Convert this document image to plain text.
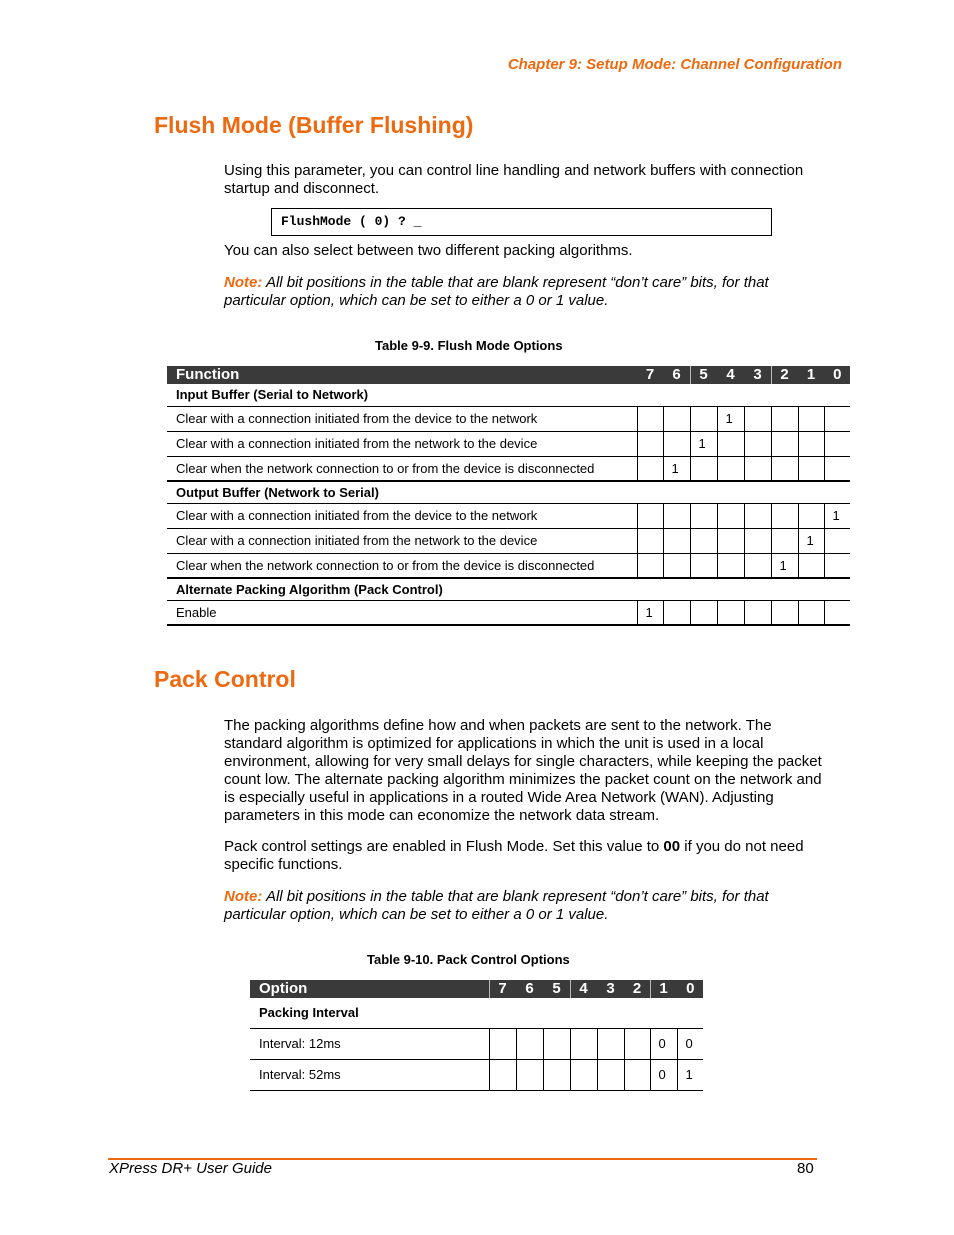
Chapter 9: Setup Mode: Channel Configuration
Flush Mode (Buffer Flushing)
Using this parameter, you can control line handling and network buffers with connection startup and disconnect.
FlushMode ( 0) ? _
You can also select between two different packing algorithms.
Note: All bit positions in the table that are blank represent “don’t care” bits, for that particular option, which can be set to either a 0 or 1 value.
Table 9-9. Flush Mode Options
Function	7	6	5	4	3	2	1	0
Input Buffer (Serial to Network)								
Clear with a connection initiated from the device to the network				1				
Clear with a connection initiated from the network to the device			1					
Clear when the network connection to or from the device is disconnected		1						
Output Buffer (Network to Serial)								
Clear with a connection initiated from the device to the network								1
Clear with a connection initiated from the network to the device							1	
Clear when the network connection to or from the device is disconnected						1		
Alternate Packing Algorithm (Pack Control)								
Enable	1							
Pack Control
The packing algorithms define how and when packets are sent to the network. The standard algorithm is optimized for applications in which the unit is used in a local environment, allowing for very small delays for single characters, while keeping the packet count low. The alternate packing algorithm minimizes the packet count on the network and is especially useful in applications in a routed Wide Area Network (WAN). Adjusting parameters in this mode can economize the network data stream.
Pack control settings are enabled in Flush Mode. Set this value to 00 if you do not need specific functions.
Note: All bit positions in the table that are blank represent “don’t care” bits, for that particular option, which can be set to either a 0 or 1 value.
Table 9-10. Pack Control Options
Option	7	6	5	4	3	2	1	0
Packing Interval								
Interval: 12ms							0	0
Interval: 52ms							0	1
XPress DR+ User Guide	80
